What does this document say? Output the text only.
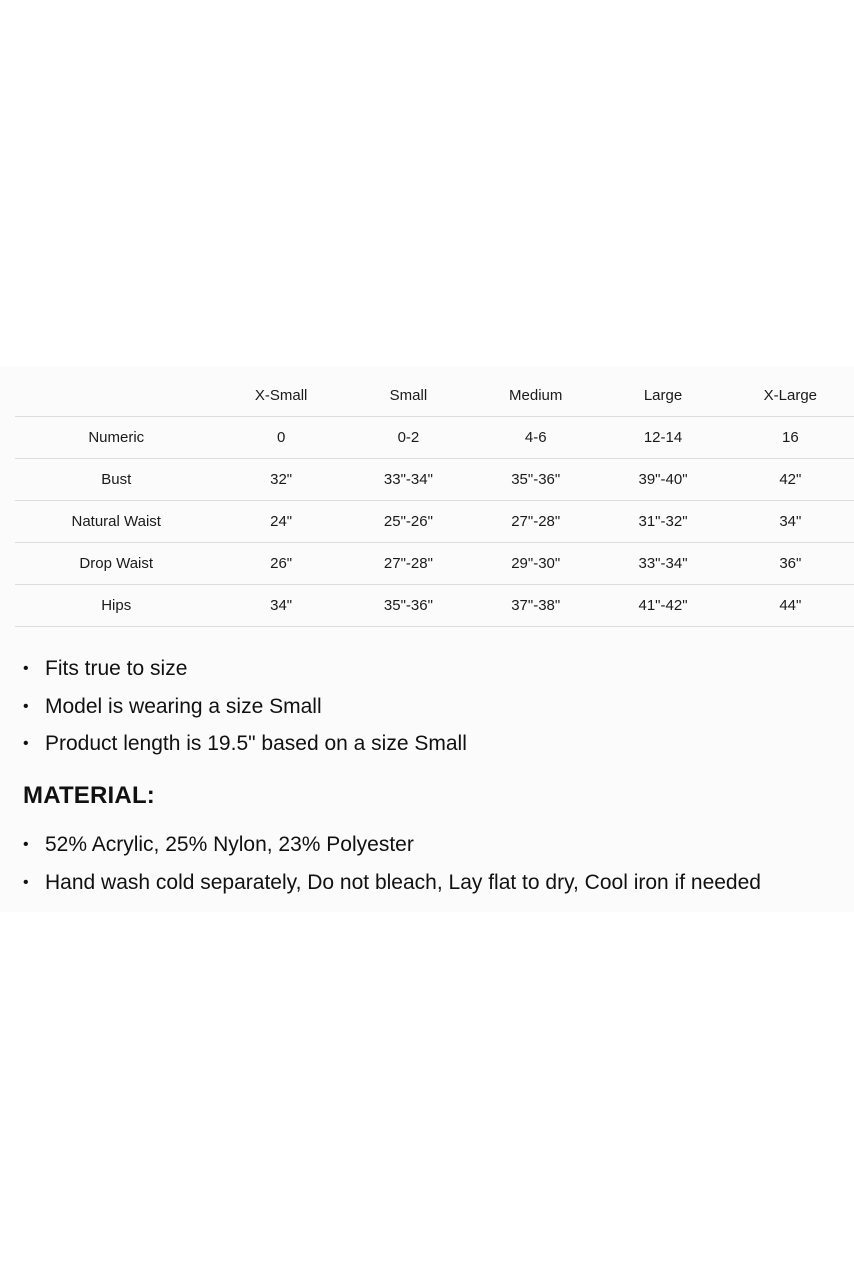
	X-Small	Small	Medium	Large	X-Large
Numeric	0	0-2	4-6	12-14	16
Bust	32"	33"-34"	35"-36"	39"-40"	42"
Natural Waist	24"	25"-26"	27"-28"	31"-32"	34"
Drop Waist	26"	27"-28"	29"-30"	33"-34"	36"
Hips	34"	35"-36"	37"-38"	41"-42"	44"
• Fits true to size
• Model is wearing a size Small
• Product length is 19.5" based on a size Small
MATERIAL:
• 52% Acrylic, 25% Nylon, 23% Polyester
• Hand wash cold separately, Do not bleach, Lay flat to dry, Cool iron if needed
